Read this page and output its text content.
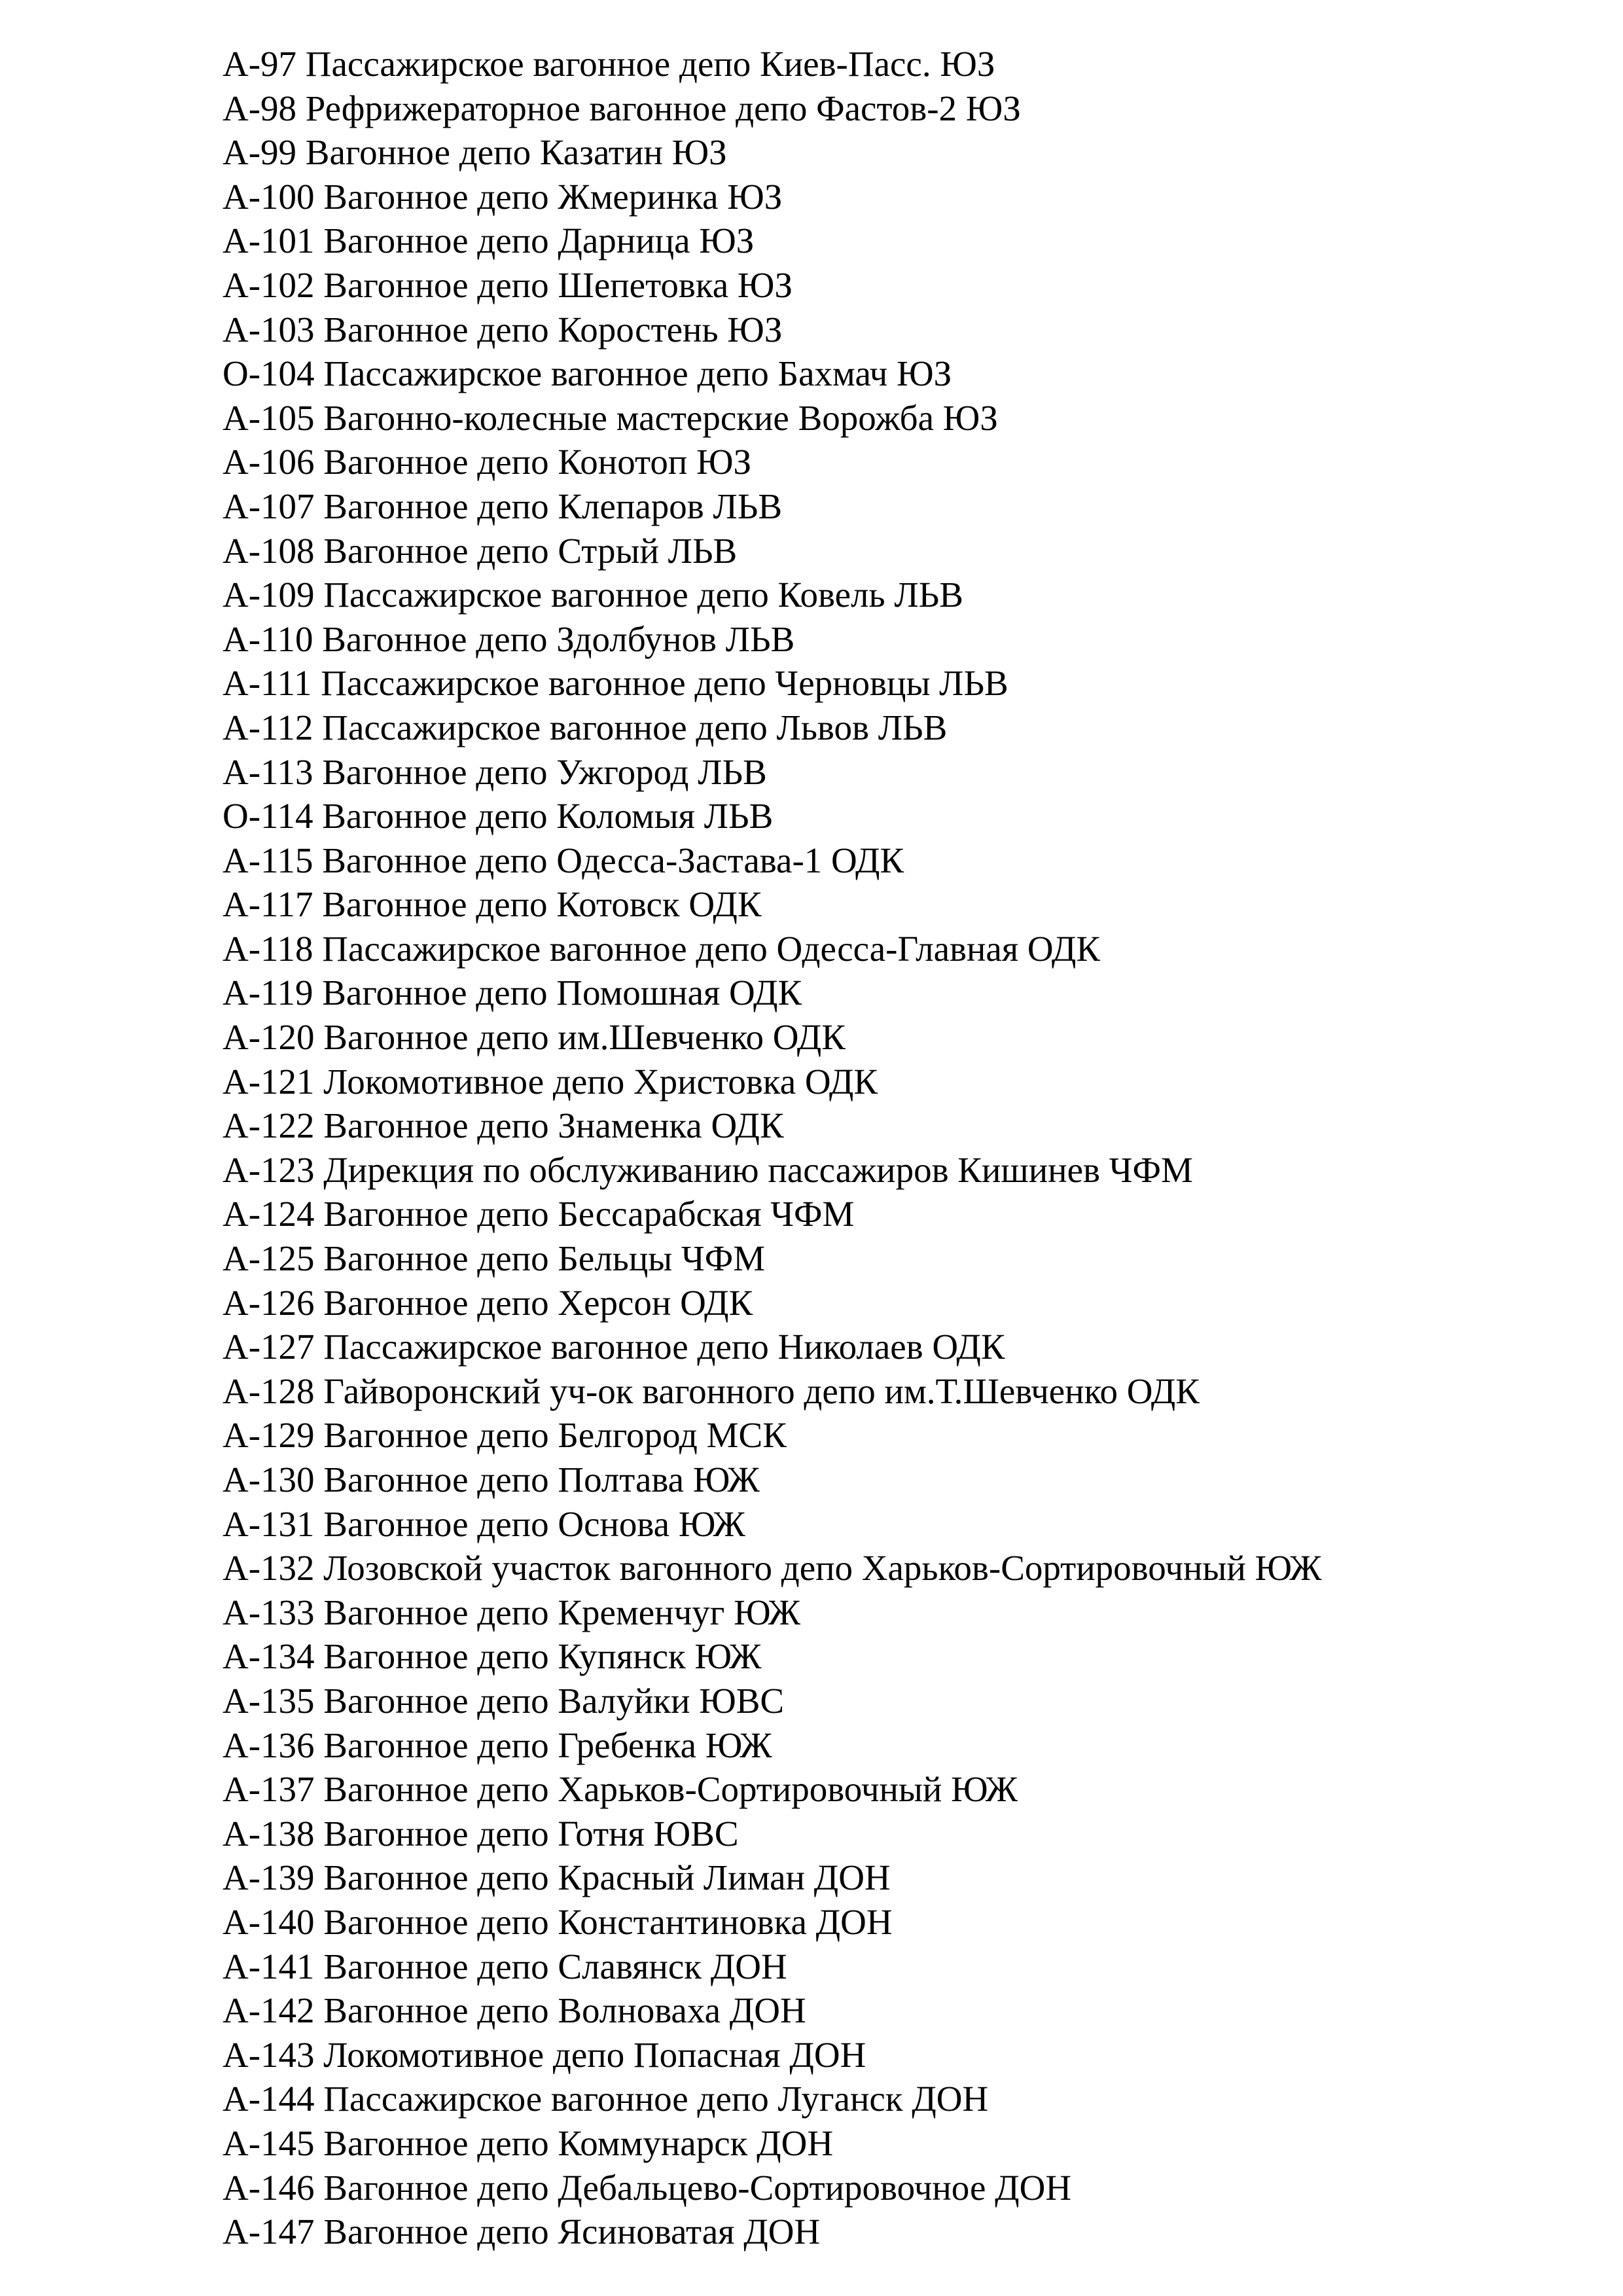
А-97 Пассажирское вагонное депо Киев-Пасс. ЮЗ
А-98 Рефрижераторное вагонное депо Фастов-2 ЮЗ
А-99 Вагонное депо Казатин ЮЗ
А-100 Вагонное депо Жмеринка ЮЗ
А-101 Вагонное депо Дарница ЮЗ
А-102 Вагонное депо Шепетовка ЮЗ
А-103 Вагонное депо Коростень ЮЗ
О-104 Пассажирское вагонное депо Бахмач ЮЗ
А-105 Вагонно-колесные мастерские Ворожба ЮЗ
А-106 Вагонное депо Конотоп ЮЗ
А-107 Вагонное депо Клепаров ЛЬВ
А-108 Вагонное депо Стрый ЛЬВ
А-109 Пассажирское вагонное депо Ковель ЛЬВ
А-110 Вагонное депо Здолбунов ЛЬВ
А-111 Пассажирское вагонное депо Черновцы ЛЬВ
А-112 Пассажирское вагонное депо Львов ЛЬВ
А-113 Вагонное депо Ужгород ЛЬВ
О-114 Вагонное депо Коломыя ЛЬВ
А-115 Вагонное депо Одесса-Застава-1 ОДК
А-117 Вагонное депо Котовск ОДК
А-118 Пассажирское вагонное депо Одесса-Главная ОДК
А-119 Вагонное депо Помошная ОДК
А-120 Вагонное депо им.Шевченко ОДК
А-121 Локомотивное депо Христовка ОДК
А-122 Вагонное депо Знаменка ОДК
А-123 Дирекция по обслуживанию пассажиров Кишинев ЧФМ
А-124 Вагонное депо Бессарабская ЧФМ
А-125 Вагонное депо Бельцы ЧФМ
А-126 Вагонное депо Херсон ОДК
А-127 Пассажирское вагонное депо Николаев ОДК
А-128 Гайворонский уч-ок вагонного депо им.Т.Шевченко ОДК
А-129 Вагонное депо Белгород МСК
А-130 Вагонное депо Полтава ЮЖ
А-131 Вагонное депо Основа ЮЖ
А-132 Лозовской участок вагонного депо Харьков-Сортировочный ЮЖ
А-133 Вагонное депо Кременчуг ЮЖ
А-134 Вагонное депо Купянск ЮЖ
А-135 Вагонное депо Валуйки ЮВС
А-136 Вагонное депо Гребенка ЮЖ
А-137 Вагонное депо Харьков-Сортировочный ЮЖ
А-138 Вагонное депо Готня ЮВС
А-139 Вагонное депо Красный Лиман ДОН
А-140 Вагонное депо Константиновка ДОН
А-141 Вагонное депо Славянск ДОН
А-142 Вагонное депо Волноваха ДОН
А-143 Локомотивное депо Попасная ДОН
А-144 Пассажирское вагонное депо Луганск ДОН
А-145 Вагонное депо Коммунарск ДОН
А-146 Вагонное депо Дебальцево-Сортировочное ДОН
А-147 Вагонное депо Ясиноватая ДОН
